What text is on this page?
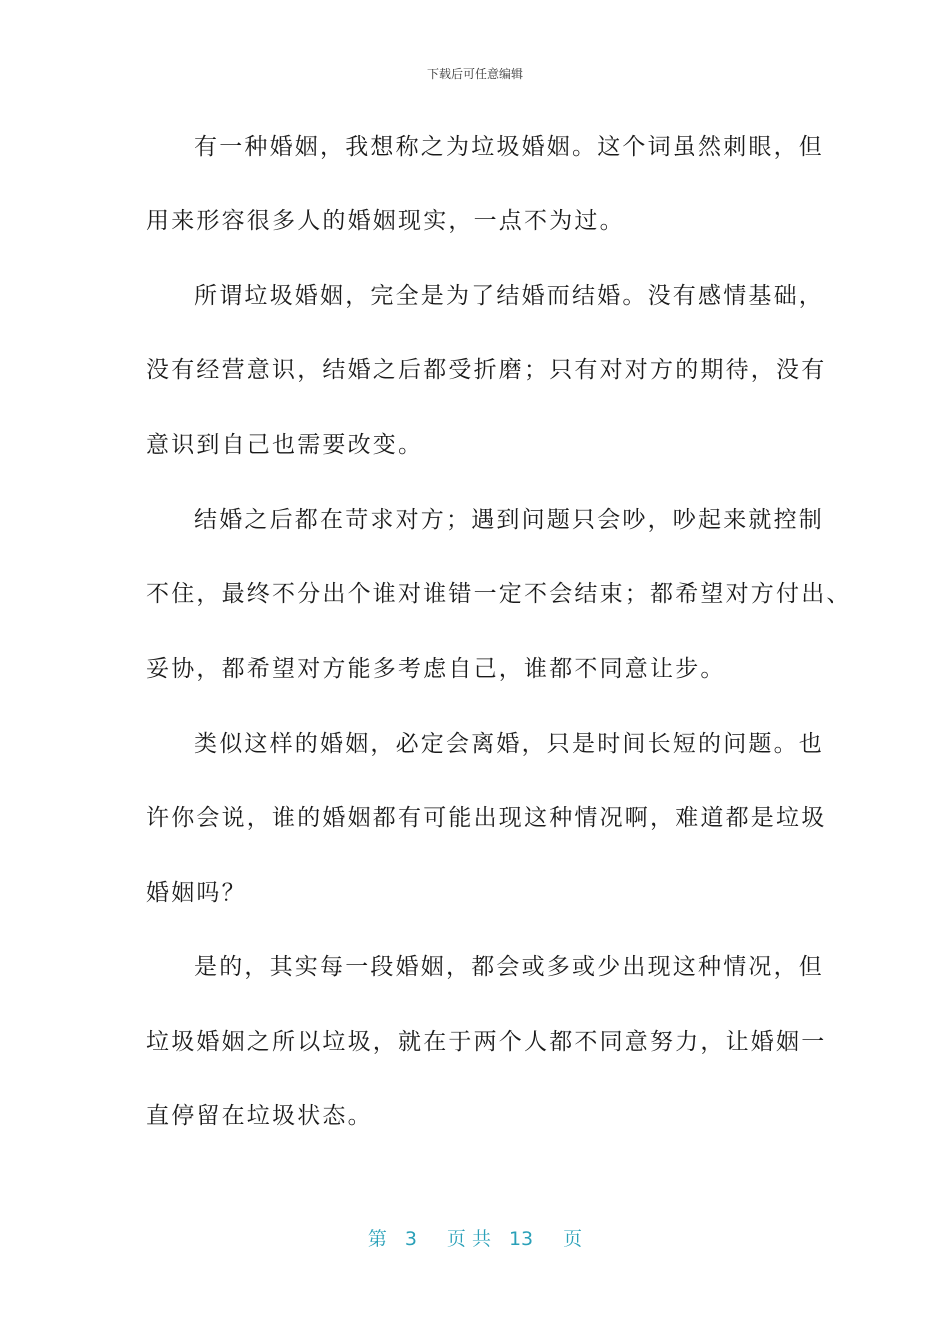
下载后可任意编辑
有一种婚姻，我想称之为垃圾婚姻。这个词虽然刺眼，但
用来形容很多人的婚姻现实，一点不为过。
所谓垃圾婚姻，完全是为了结婚而结婚。没有感情基础，
没有经营意识，结婚之后都受折磨；只有对对方的期待，没有
意识到自己也需要改变。
结婚之后都在苛求对方；遇到问题只会吵，吵起来就控制
不住，最终不分出个谁对谁错一定不会结束；都希望对方付出、
妥协，都希望对方能多考虑自己，谁都不同意让步。
类似这样的婚姻，必定会离婚，只是时间长短的问题。也
许你会说，谁的婚姻都有可能出现这种情况啊，难道都是垃圾
婚姻吗？
是的，其实每一段婚姻，都会或多或少出现这种情况，但
垃圾婚姻之所以垃圾，就在于两个人都不同意努力，让婚姻一
直停留在垃圾状态。
第 3 页 共 13 页
